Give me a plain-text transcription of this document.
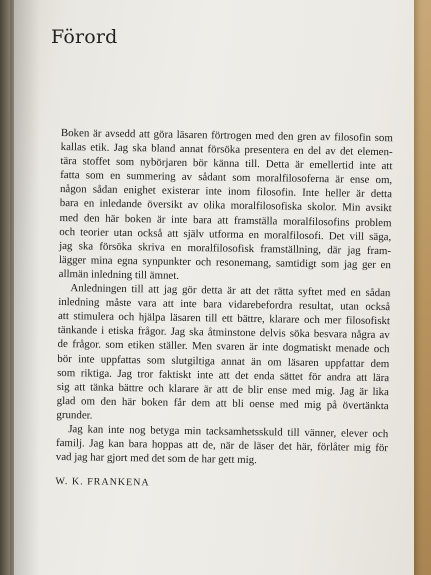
Förord
Boken är avsedd att göra läsaren förtrogen med den gren av filosofin som
kallas etik. Jag ska bland annat försöka presentera en del av det elemen-
tära stoffet som nybörjaren bör känna till. Detta är emellertid inte att
fatta som en summering av sådant som moralfilosoferna är ense om,
någon sådan enighet existerar inte inom filosofin. Inte heller är detta
bara en inledande översikt av olika moralfilosofiska skolor. Min avsikt
med den här boken är inte bara att framställa moralfilosofins problem
och teorier utan också att själv utforma en moralfilosofi. Det vill säga,
jag ska försöka skriva en moralfilosofisk framställning, där jag fram-
lägger mina egna synpunkter och resonemang, samtidigt som jag ger en
allmän inledning till ämnet.
Anledningen till att jag gör detta är att det rätta syftet med en sådan
inledning måste vara att inte bara vidarebefordra resultat, utan också
att stimulera och hjälpa läsaren till ett bättre, klarare och mer filosofiskt
tänkande i etiska frågor. Jag ska åtminstone delvis söka besvara några av
de frågor. som etiken ställer. Men svaren är inte dogmatiskt menade och
bör inte uppfattas som slutgiltiga annat än om läsaren uppfattar dem
som riktiga. Jag tror faktiskt inte att det enda sättet för andra att lära
sig att tänka bättre och klarare är att de blir ense med mig. Jag är lika
glad om den här boken får dem att bli oense med mig på övertänkta
grunder.
Jag kan inte nog betyga min tacksamhetsskuld till vänner, elever och
familj. Jag kan bara hoppas att de, när de läser det här, förlåter mig för
vad jag har gjort med det som de har gett mig.
W. K. FRANKENA
